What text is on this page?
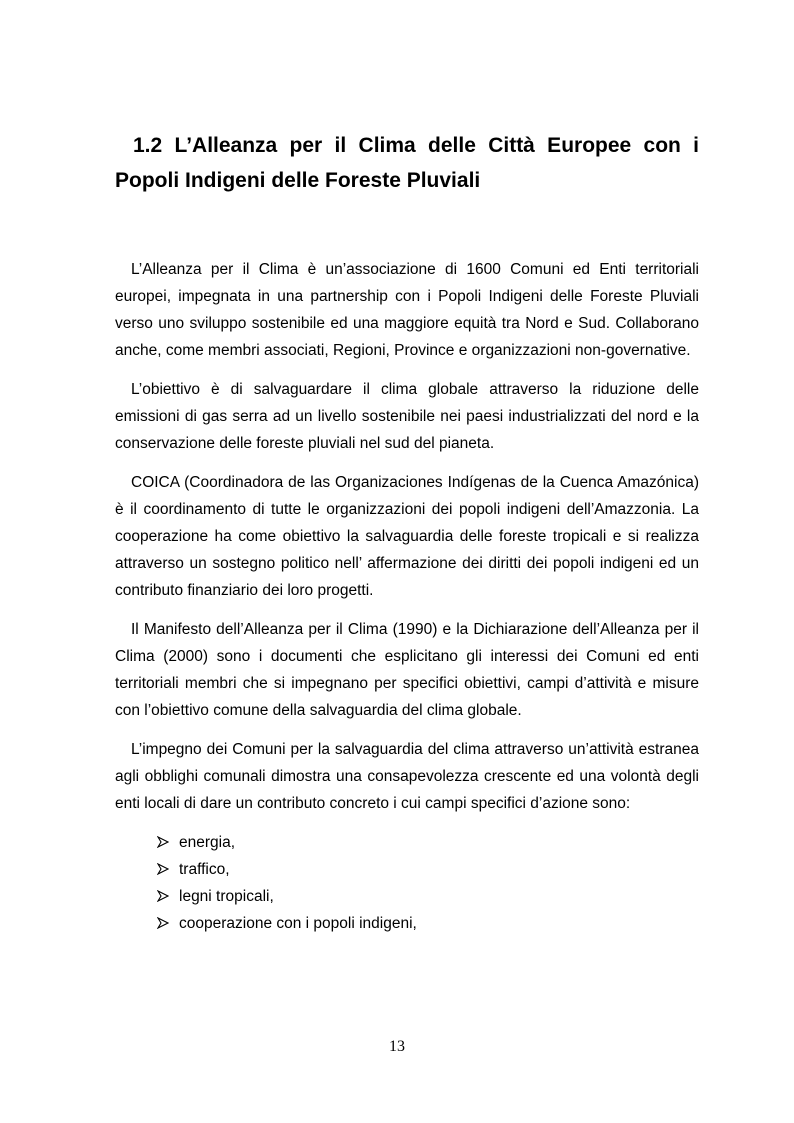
1.2 L’Alleanza per il Clima delle Città Europee con i Popoli Indigeni delle Foreste Pluviali

L’Alleanza per il Clima è un’associazione di 1600 Comuni ed Enti territoriali europei, impegnata in una partnership con i Popoli Indigeni delle Foreste Pluviali verso uno sviluppo sostenibile ed una maggiore equità tra Nord e Sud. Collaborano anche, come membri associati, Regioni, Province e organizzazioni non-governative.

L’obiettivo è di salvaguardare il clima globale attraverso la riduzione delle emissioni di gas serra ad un livello sostenibile nei paesi industrializzati del nord e la conservazione delle foreste pluviali nel sud del pianeta.

COICA (Coordinadora de las Organizaciones Indígenas de la Cuenca Amazónica) è il coordinamento di tutte le organizzazioni dei popoli indigeni dell’Amazzonia. La cooperazione ha come obiettivo la salvaguardia delle foreste tropicali e si realizza attraverso un sostegno politico nell’ affermazione dei diritti dei popoli indigeni ed un contributo finanziario dei loro progetti.

Il Manifesto dell’Alleanza per il Clima (1990) e la Dichiarazione dell’Alleanza per il Clima (2000) sono i documenti che esplicitano gli interessi dei Comuni ed enti territoriali membri che si impegnano per specifici obiettivi, campi d’attività e misure con l’obiettivo comune della salvaguardia del clima globale.

L’impegno dei Comuni per la salvaguardia del clima attraverso un’attività estranea agli obblighi comunali dimostra una consapevolezza crescente ed una volontà degli enti locali di dare un contributo concreto i cui campi specifici d’azione sono:

energia,
traffico,
legni tropicali,
cooperazione con i popoli indigeni,
13
